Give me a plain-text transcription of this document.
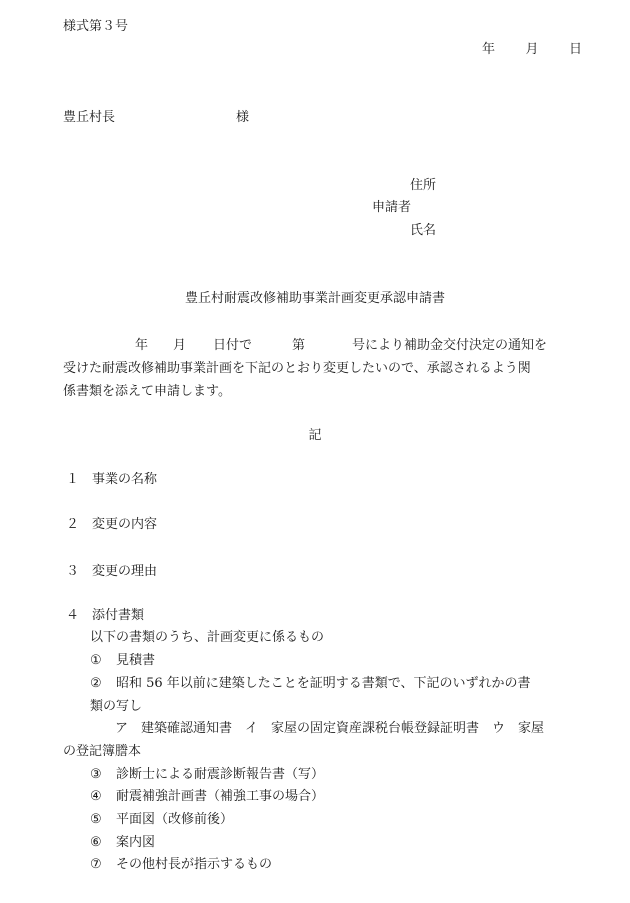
様式第３号
年 月 日
豊丘村長	様
住所
申請者
氏名
豊丘村耐震改修補助事業計画変更承認申請書
年 月 日付で	第	号により補助金交付決定の通知を
受けた耐震改修補助事業計画を下記のとおり変更したいので、承認されるよう関
係書類を添えて申請します。
記
１ 事業の名称
２ 変更の内容
３ 変更の理由
４ 添付書類
以下の書類のうち、計画変更に係るもの
① 見積書
② 昭和 56 年以前に建築したことを証明する書類で、下記のいずれかの書
類の写し
ア　建築確認通知書　イ　家屋の固定資産課税台帳登録証明書　ウ　家屋
の登記簿謄本
③ 診断士による耐震診断報告書（写）
④ 耐震補強計画書（補強工事の場合）
⑤ 平面図（改修前後）
⑥ 案内図
⑦ その他村長が指示するもの
